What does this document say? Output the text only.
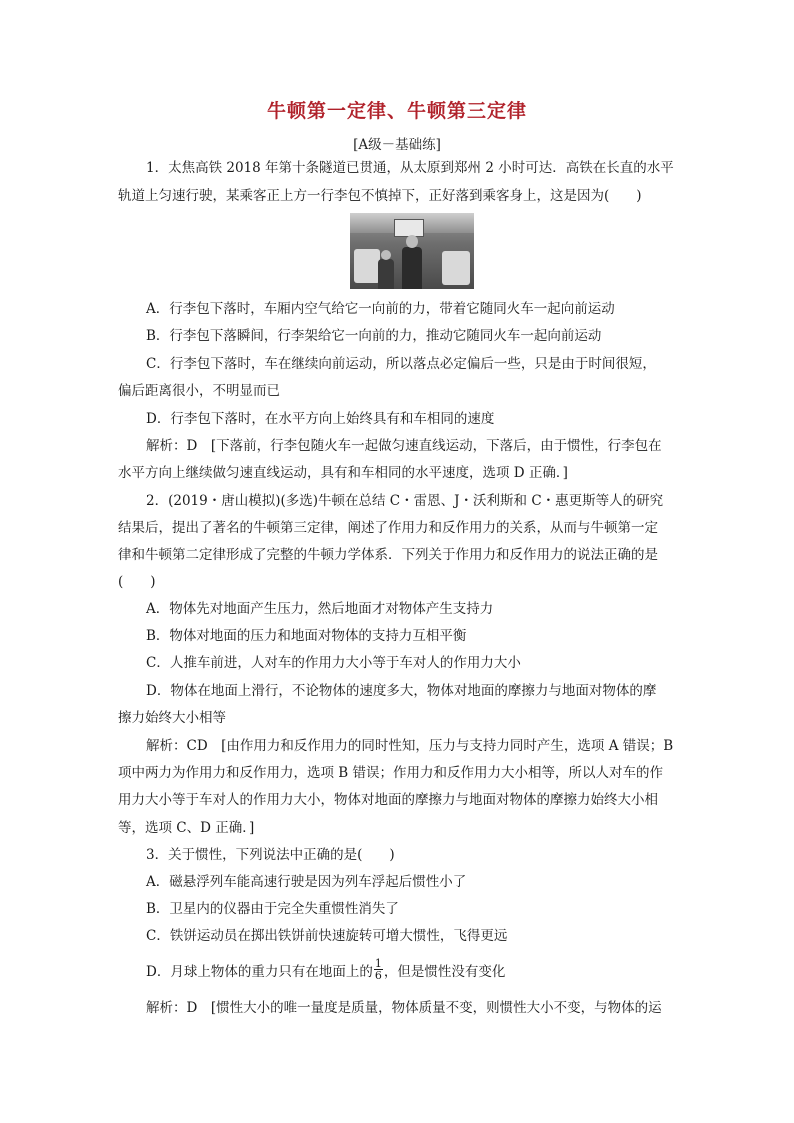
牛顿第一定律、牛顿第三定律
[A级－基础练]
1．太焦高铁 2018 年第十条隧道已贯通，从太原到郑州 2 小时可达．高铁在长直的水平
轨道上匀速行驶，某乘客正上方一行李包不慎掉下，正好落到乘客身上，这是因为(　　)
A．行李包下落时，车厢内空气给它一向前的力，带着它随同火车一起向前运动
B．行李包下落瞬间，行李架给它一向前的力，推动它随同火车一起向前运动
C．行李包下落时，车在继续向前运动，所以落点必定偏后一些，只是由于时间很短，
偏后距离很小，不明显而已
D．行李包下落时，在水平方向上始终具有和车相同的速度
解析：D　[下落前，行李包随火车一起做匀速直线运动，下落后，由于惯性，行李包在
水平方向上继续做匀速直线运动，具有和车相同的水平速度，选项 D 正确．]
2．(2019・唐山模拟)(多选)牛顿在总结 C・雷恩、J・沃利斯和 C・惠更斯等人的研究
结果后，提出了著名的牛顿第三定律，阐述了作用力和反作用力的关系，从而与牛顿第一定
律和牛顿第二定律形成了完整的牛顿力学体系．下列关于作用力和反作用力的说法正确的是
(　　)
A．物体先对地面产生压力，然后地面才对物体产生支持力
B．物体对地面的压力和地面对物体的支持力互相平衡
C．人推车前进，人对车的作用力大小等于车对人的作用力大小
D．物体在地面上滑行，不论物体的速度多大，物体对地面的摩擦力与地面对物体的摩
擦力始终大小相等
解析：CD　[由作用力和反作用力的同时性知，压力与支持力同时产生，选项 A 错误；B
项中两力为作用力和反作用力，选项 B 错误；作用力和反作用力大小相等，所以人对车的作
用力大小等于车对人的作用力大小，物体对地面的摩擦力与地面对物体的摩擦力始终大小相
等，选项 C、D 正确．]
3．关于惯性，下列说法中正确的是(　　)
A．磁悬浮列车能高速行驶是因为列车浮起后惯性小了
B．卫星内的仪器由于完全失重惯性消失了
C．铁饼运动员在掷出铁饼前快速旋转可增大惯性，飞得更远
D．月球上物体的重力只有在地面上的 $\frac{1}{6}$ ，但是惯性没有变化
解析：D　[惯性大小的唯一量度是质量，物体质量不变，则惯性大小不变，与物体的运
